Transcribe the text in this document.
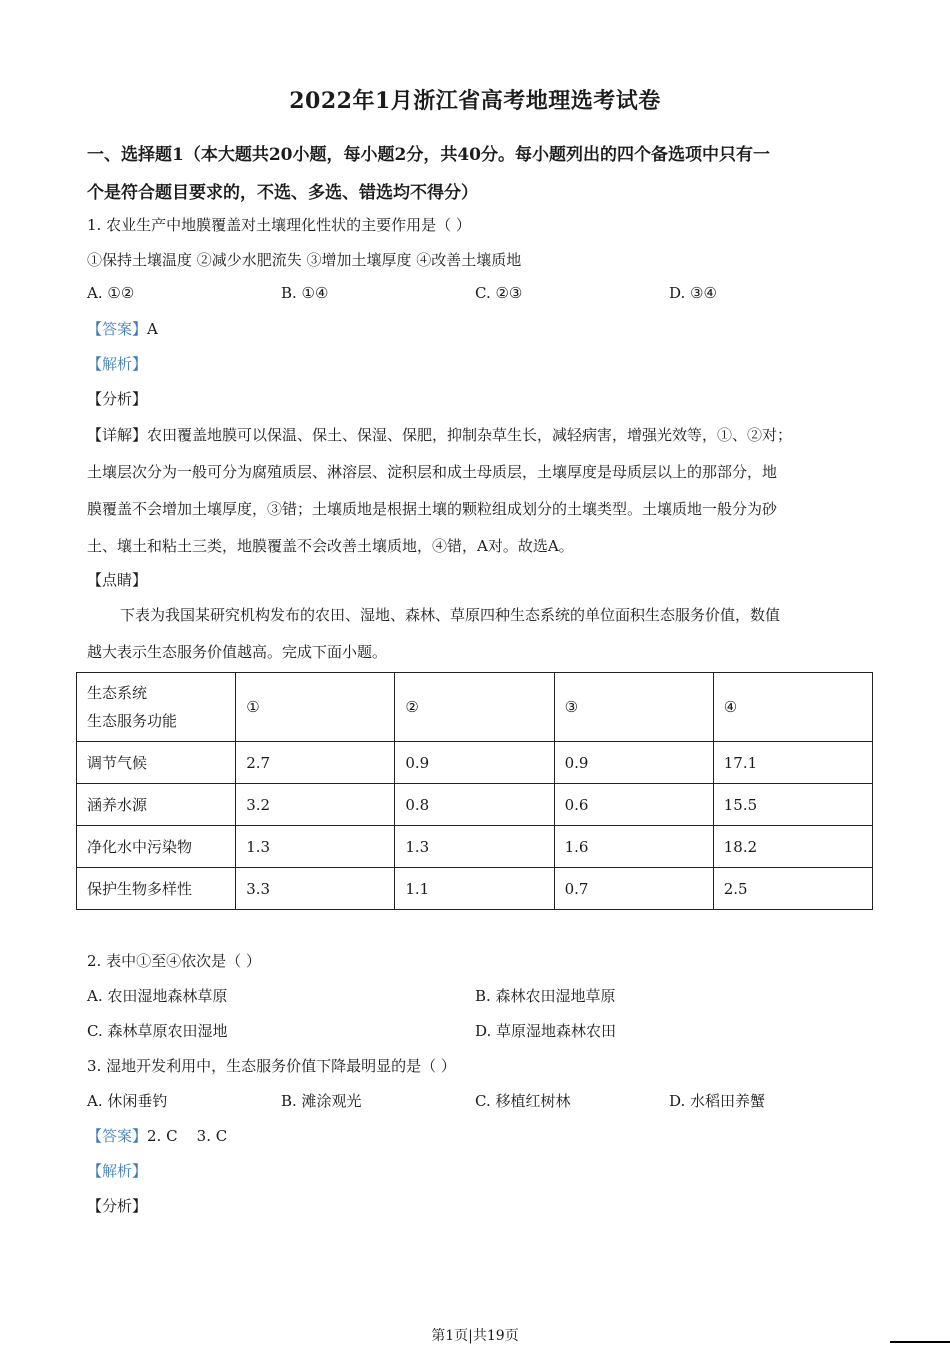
2022年1月浙江省高考地理选考试卷
一、选择题1（本大题共20小题，每小题2分，共40分。每小题列出的四个备选项中只有一
个是符合题目要求的，不选、多选、错选均不得分）
1. 农业生产中地膜覆盖对土壤理化性状的主要作用是（ ）
①保持土壤温度 ②减少水肥流失 ③增加土壤厚度 ④改善土壤质地
A. ①②	B. ①④	C. ②③	D. ③④
【答案】A
【解析】
【分析】
【详解】农田覆盖地膜可以保温、保土、保湿、保肥，抑制杂草生长，减轻病害，增强光效等，①、②对；
土壤层次分为一般可分为腐殖质层、淋溶层、淀积层和成土母质层，土壤厚度是母质层以上的那部分，地
膜覆盖不会增加土壤厚度，③错；土壤质地是根据土壤的颗粒组成划分的土壤类型。土壤质地一般分为砂
土、壤土和粘土三类，地膜覆盖不会改善土壤质地，④错，A对。故选A。
【点睛】
下表为我国某研究机构发布的农田、湿地、森林、草原四种生态系统的单位面积生态服务价值，数值
越大表示生态服务价值越高。完成下面小题。
生态系统
生态服务功能	①	②	③	④
调节气候	2.7	0.9	0.9	17.1
涵养水源	3.2	0.8	0.6	15.5
净化水中污染物	1.3	1.3	1.6	18.2
保护生物多样性	3.3	1.1	0.7	2.5
2. 表中①至④依次是（ ）
A. 农田湿地森林草原	B. 森林农田湿地草原
C. 森林草原农田湿地	D. 草原湿地森林农田
3. 湿地开发利用中，生态服务价值下降最明显的是（ ）
A. 休闲垂钓	B. 滩涂观光	C. 移植红树林	D. 水稻田养蟹
【答案】2. C    3. C
【解析】
【分析】
第1页|共19页
